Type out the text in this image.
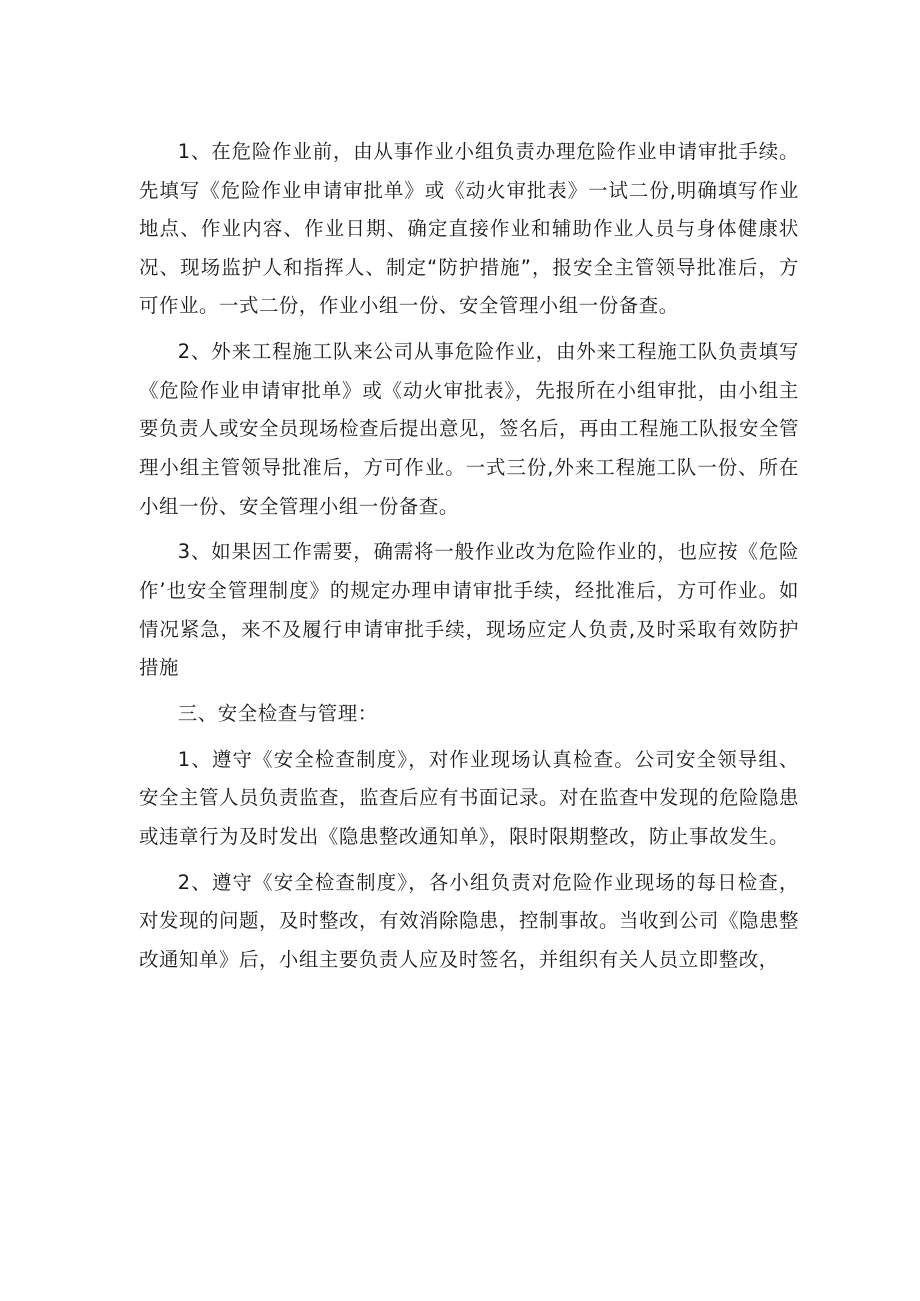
1、在危险作业前，由从事作业小组负责办理危险作业申请审批手续。先填写《危险作业申请审批单》或《动火审批表》一试二份,明确填写作业地点、作业内容、作业日期、确定直接作业和辅助作业人员与身体健康状况、现场监护人和指挥人、制定“防护措施”，报安全主管领导批准后，方可作业。一式二份，作业小组一份、安全管理小组一份备查。

2、外来工程施工队来公司从事危险作业，由外来工程施工队负责填写《危险作业申请审批单》或《动火审批表》，先报所在小组审批，由小组主要负责人或安全员现场检查后提出意见，签名后，再由工程施工队报安全管理小组主管领导批准后，方可作业。一式三份,外来工程施工队一份、所在小组一份、安全管理小组一份备查。

3、如果因工作需要，确需将一般作业改为危险作业的，也应按《危险作’也安全管理制度》的规定办理申请审批手续，经批准后，方可作业。如情况紧急，来不及履行申请审批手续，现场应定人负责,及时采取有效防护措施

三、安全检查与管理：

1、遵守《安全检查制度》，对作业现场认真检查。公司安全领导组、安全主管人员负责监查，监查后应有书面记录。对在监查中发现的危险隐患或违章行为及时发出《隐患整改通知单》，限时限期整改，防止事故发生。

2、遵守《安全检查制度》，各小组负责对危险作业现场的每日检查，对发现的问题，及时整改，有效消除隐患，控制事故。当收到公司《隐患整改通知单》后，小组主要负责人应及时签名，并组织有关人员立即整改，
